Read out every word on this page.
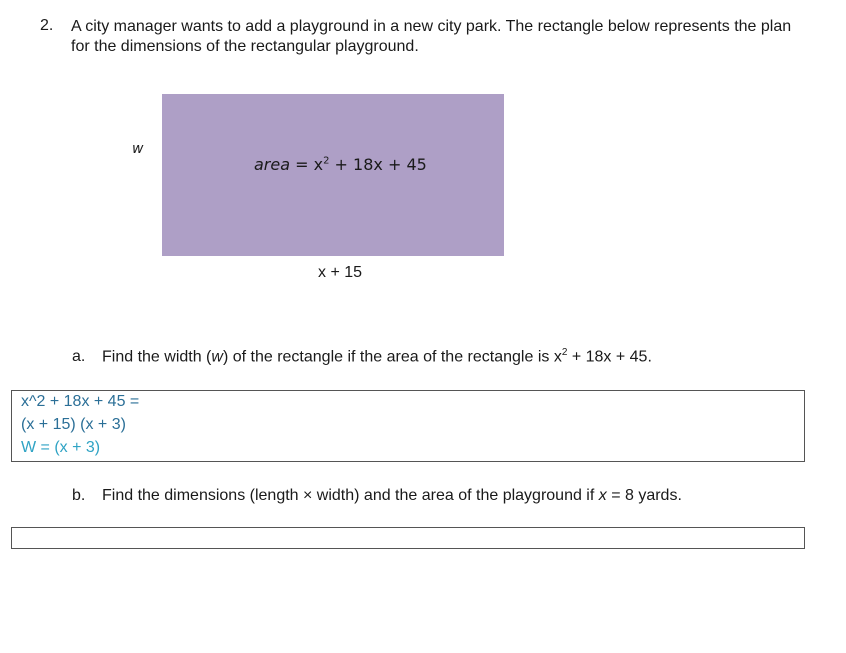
2. A city manager wants to add a playground in a new city park. The rectangle below represents the plan for the dimensions of the rectangular playground.
w
area = $x^2 + 18x + 45$
x + 15
a. Find the width (w) of the rectangle if the area of the rectangle is $x^2 + 18x + 45$.
x^2 + 18x + 45 =
(x + 15) (x + 3)
W = (x + 3)
b. Find the dimensions (length × width) and the area of the playground if x = 8 yards.
